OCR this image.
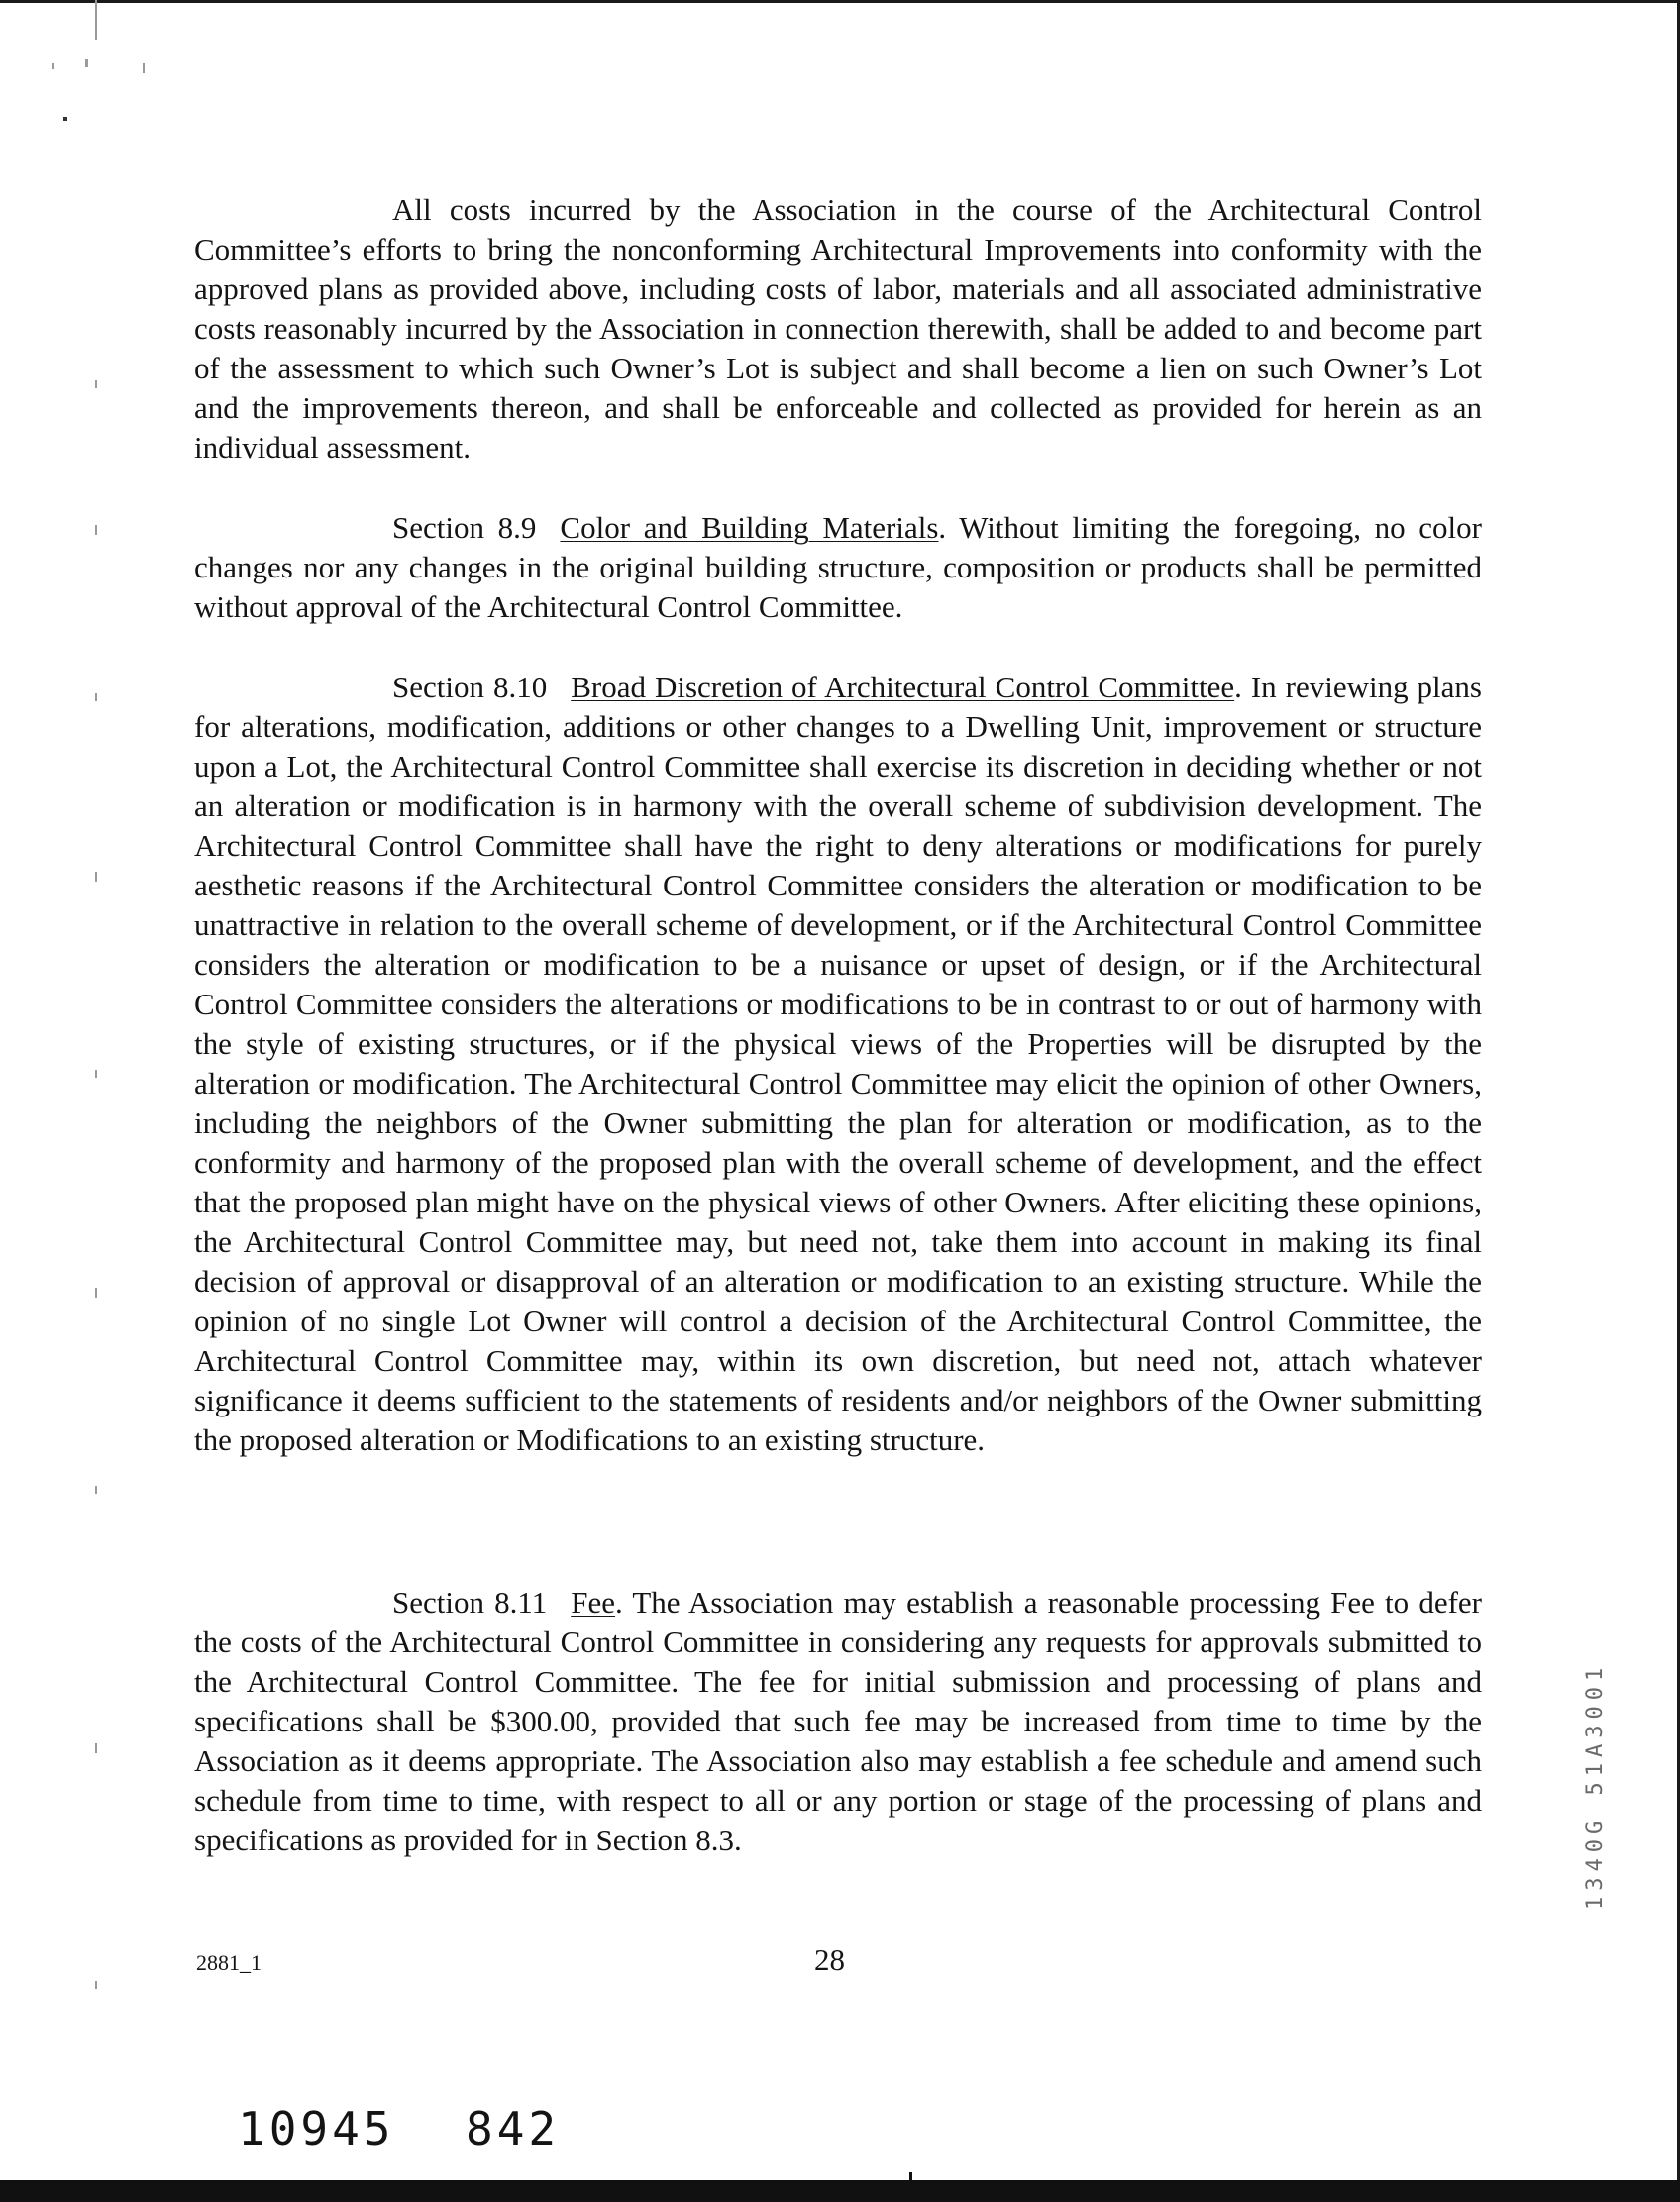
All costs incurred by the Association in the course of the Architectural Control Committee’s efforts to bring the nonconforming Architectural Improvements into conformity with the approved plans as provided above, including costs of labor, materials and all associated administrative costs reasonably incurred by the Association in connection therewith, shall be added to and become part of the assessment to which such Owner’s Lot is subject and shall become a lien on such Owner’s Lot and the improvements thereon, and shall be enforceable and collected as provided for herein as an individual assessment.

Section 8.9 Color and Building Materials. Without limiting the foregoing, no color changes nor any changes in the original building structure, composition or products shall be permitted without approval of the Architectural Control Committee.

Section 8.10 Broad Discretion of Architectural Control Committee. In reviewing plans for alterations, modification, additions or other changes to a Dwelling Unit, improvement or structure upon a Lot, the Architectural Control Committee shall exercise its discretion in deciding whether or not an alteration or modification is in harmony with the overall scheme of subdivision development. The Architectural Control Committee shall have the right to deny alterations or modifications for purely aesthetic reasons if the Architectural Control Committee considers the alteration or modification to be unattractive in relation to the overall scheme of development, or if the Architectural Control Committee considers the alteration or modification to be a nuisance or upset of design, or if the Architectural Control Committee considers the alterations or modifications to be in contrast to or out of harmony with the style of existing structures, or if the physical views of the Properties will be disrupted by the alteration or modification. The Architectural Control Committee may elicit the opinion of other Owners, including the neighbors of the Owner submitting the plan for alteration or modification, as to the conformity and harmony of the proposed plan with the overall scheme of development, and the effect that the proposed plan might have on the physical views of other Owners. After eliciting these opinions, the Architectural Control Committee may, but need not, take them into account in making its final decision of approval or disapproval of an alteration or modification to an existing structure. While the opinion of no single Lot Owner will control a decision of the Architectural Control Committee, the Architectural Control Committee may, within its own discretion, but need not, attach whatever significance it deems sufficient to the statements of residents and/or neighbors of the Owner submitting the proposed alteration or Modifications to an existing structure.

Section 8.11 Fee. The Association may establish a reasonable processing Fee to defer the costs of the Architectural Control Committee in considering any requests for approvals submitted to the Architectural Control Committee. The fee for initial submission and processing of plans and specifications shall be $300.00, provided that such fee may be increased from time to time by the Association as it deems appropriate. The Association also may establish a fee schedule and amend such schedule from time to time, with respect to all or any portion or stage of the processing of plans and specifications as provided for in Section 8.3.

2881_1	28
10945 842
1340G 51A3001
